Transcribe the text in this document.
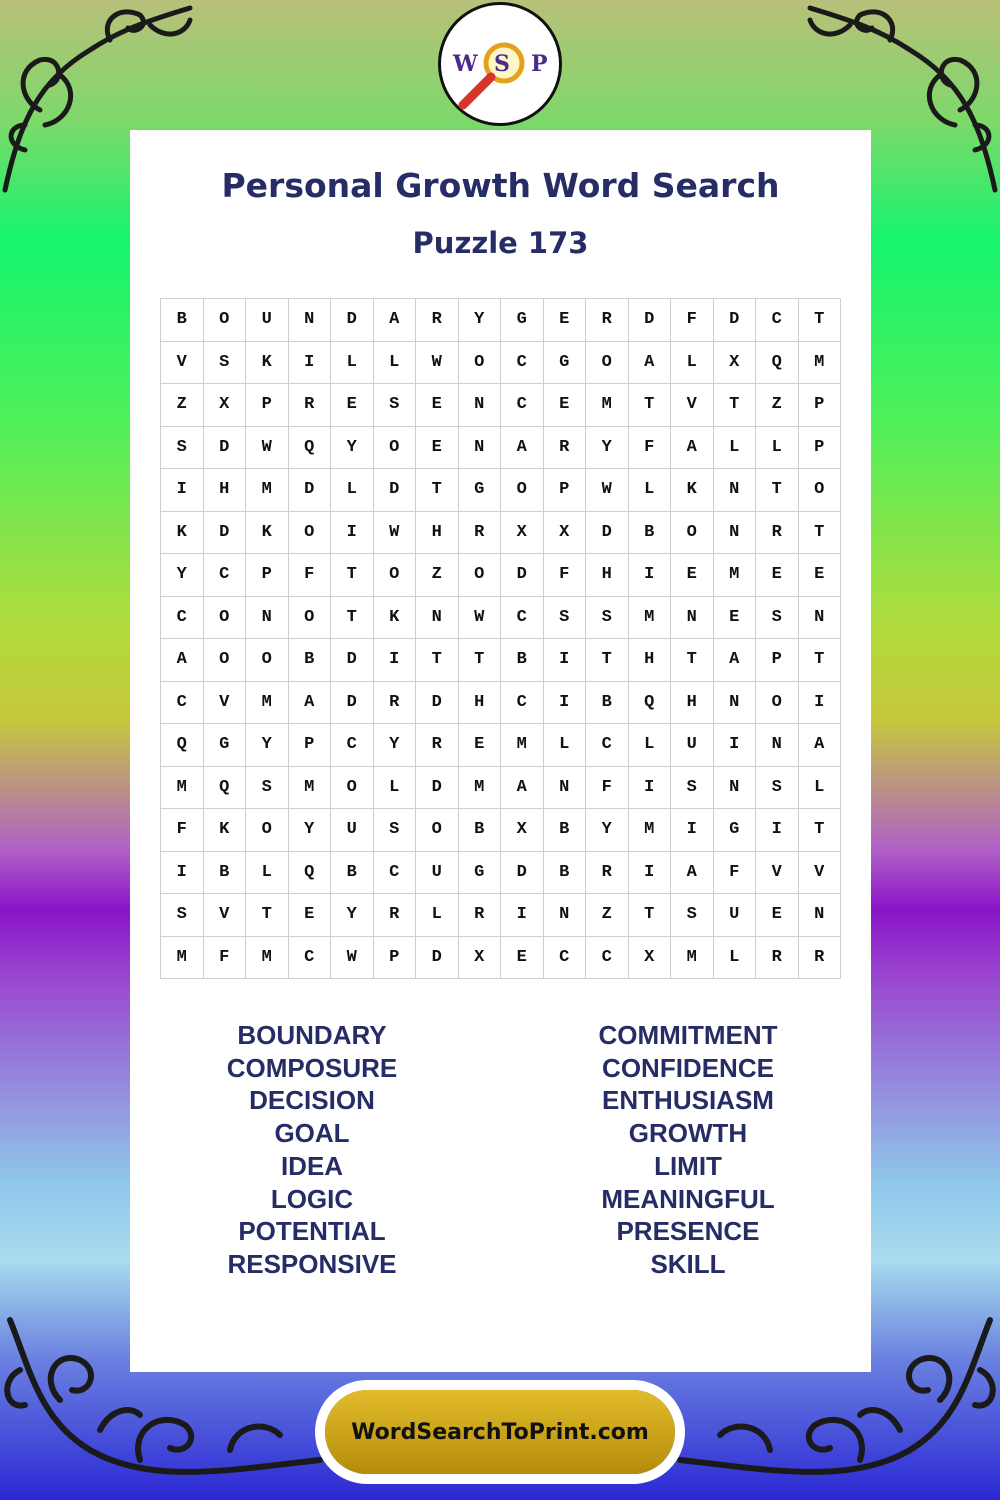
Personal Growth Word Search
Puzzle 173
B	O	U	N	D	A	R	Y	G	E	R	D	F	D	C	T
V	S	K	I	L	L	W	O	C	G	O	A	L	X	Q	M
Z	X	P	R	E	S	E	N	C	E	M	T	V	T	Z	P
S	D	W	Q	Y	O	E	N	A	R	Y	F	A	L	L	P
I	H	M	D	L	D	T	G	O	P	W	L	K	N	T	O
K	D	K	O	I	W	H	R	X	X	D	B	O	N	R	T
Y	C	P	F	T	O	Z	O	D	F	H	I	E	M	E	E
C	O	N	O	T	K	N	W	C	S	S	M	N	E	S	N
A	O	O	B	D	I	T	T	B	I	T	H	T	A	P	T
C	V	M	A	D	R	D	H	C	I	B	Q	H	N	O	I
Q	G	Y	P	C	Y	R	E	M	L	C	L	U	I	N	A
M	Q	S	M	O	L	D	M	A	N	F	I	S	N	S	L
F	K	O	Y	U	S	O	B	X	B	Y	M	I	G	I	T
I	B	L	Q	B	C	U	G	D	B	R	I	A	F	V	V
S	V	T	E	Y	R	L	R	I	N	Z	T	S	U	E	N
M	F	M	C	W	P	D	X	E	C	C	X	M	L	R	R
BOUNDARY
COMPOSURE
DECISION
GOAL
IDEA
LOGIC
POTENTIAL
RESPONSIVE
COMMITMENT
CONFIDENCE
ENTHUSIASM
GROWTH
LIMIT
MEANINGFUL
PRESENCE
SKILL
W S P
WordSearchToPrint.com
